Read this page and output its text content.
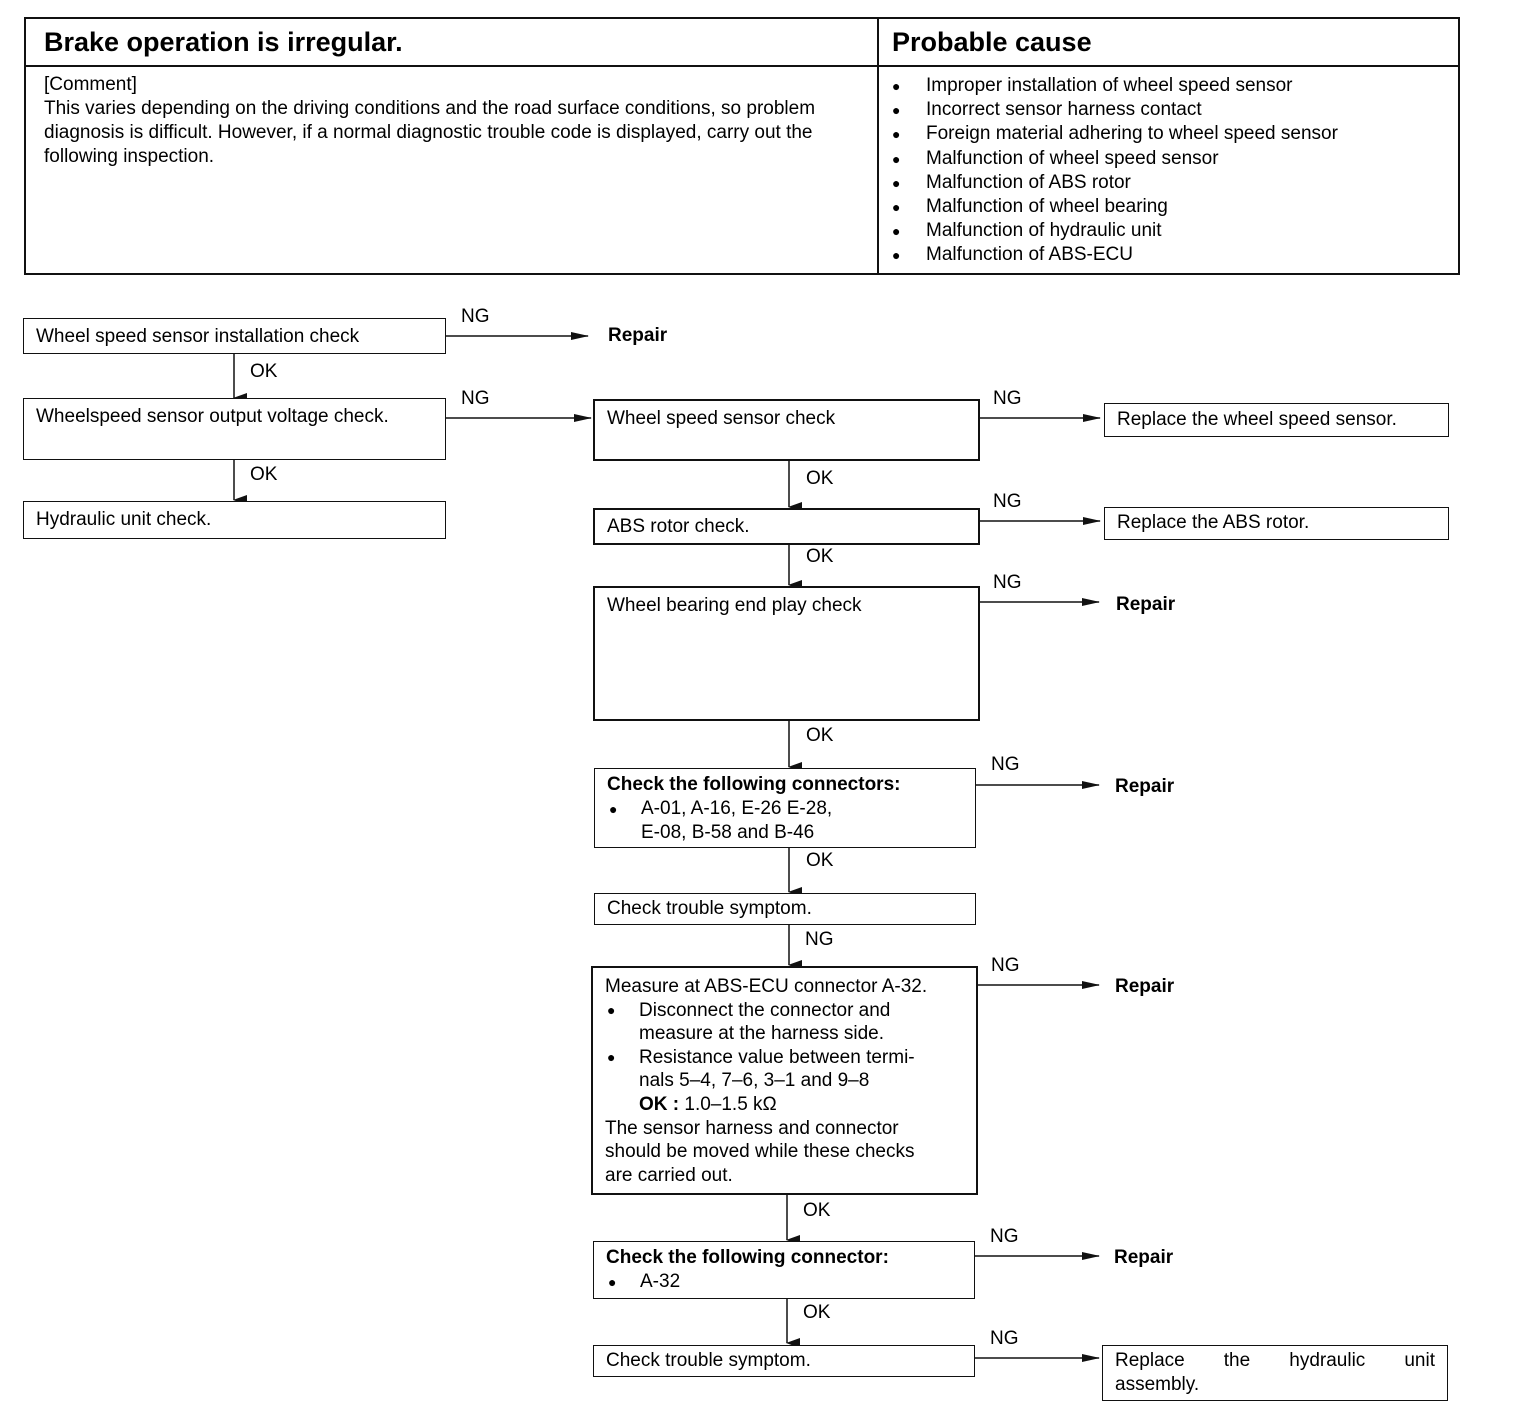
Brake operation is irregular.	Probable cause
[Comment]
This varies depending on the driving conditions and the road surface conditions, so problem diagnosis is difficult. However, if a normal diagnostic trouble code is displayed, carry out the following inspection.
● Improper installation of wheel speed sensor
● Incorrect sensor harness contact
● Foreign material adhering to wheel speed sensor
● Malfunction of wheel speed sensor
● Malfunction of ABS rotor
● Malfunction of wheel bearing
● Malfunction of hydraulic unit
● Malfunction of ABS-ECU
Wheel speed sensor installation check
NG
Repair
OK
Wheelspeed sensor output voltage check.
NG
OK
Hydraulic unit check.
Wheel speed sensor check
NG
Replace the wheel speed sensor.
OK
ABS rotor check.
NG
Replace the ABS rotor.
OK
Wheel bearing end play check
NG
Repair
OK
Check the following connectors:
● A-01, A-16, E-26 E-28,
E-08, B-58 and B-46
NG
Repair
OK
Check trouble symptom.
NG
Measure at ABS-ECU connector A-32.
● Disconnect the connector and
measure at the harness side.
● Resistance value between termi-
nals 5–4, 7–6, 3–1 and 9–8
OK : 1.0–1.5 kΩ
The sensor harness and connector
should be moved while these checks
are carried out.
NG
Repair
OK
Check the following connector:
● A-32
NG
Repair
OK
Check trouble symptom.
NG
Replace the hydraulic unit
assembly.
